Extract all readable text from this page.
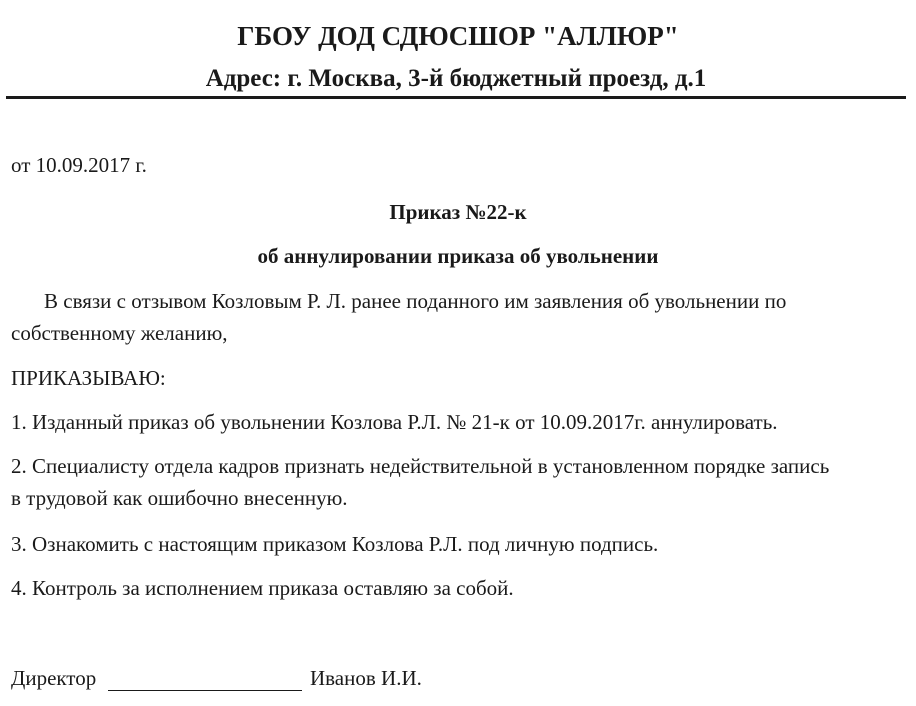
ГБОУ ДОД СДЮСШОР "АЛЛЮР"
Адрес: г. Москва, 3-й бюджетный проезд, д.1
от 10.09.2017 г.
Приказ №22-к
об аннулировании приказа об увольнении
В связи с отзывом Козловым Р. Л. ранее поданного им заявления об увольнении по
собственному желанию,
ПРИКАЗЫВАЮ:
1. Изданный приказ об увольнении Козлова Р.Л. № 21-к от 10.09.2017г. аннулировать.
2. Специалисту отдела кадров признать недействительной в установленном порядке запись
в трудовой как ошибочно внесенную.
3. Ознакомить с настоящим приказом Козлова Р.Л. под личную подпись.
4. Контроль за исполнением приказа оставляю за собой.
Директор	Иванов И.И.
